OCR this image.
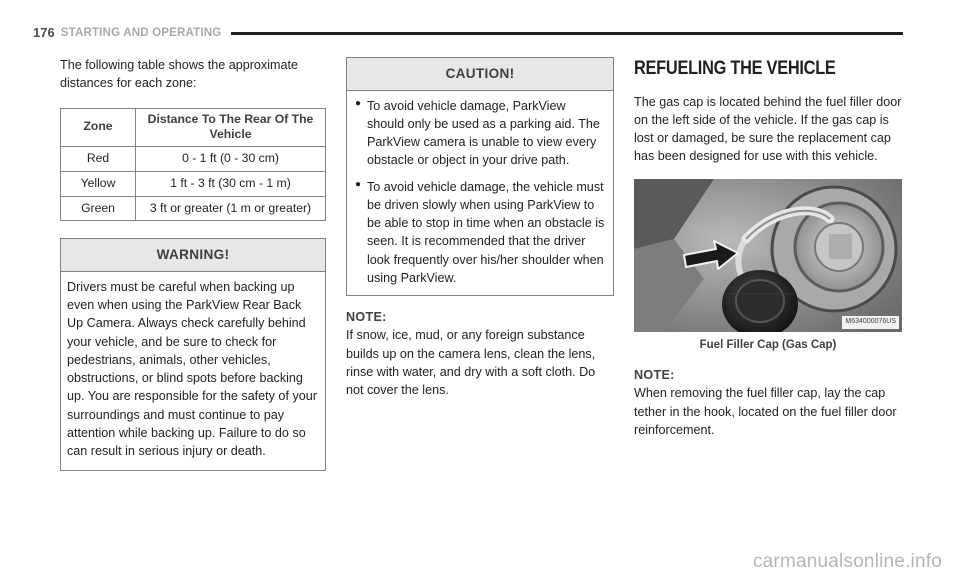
176 STARTING AND OPERATING

The following table shows the approximate distances for each zone:

Zone	Distance To The Rear Of The Vehicle
Red	0 - 1 ft (0 - 30 cm)
Yellow	1 ft - 3 ft (30 cm - 1 m)
Green	3 ft or greater (1 m or greater)
WARNING!
Drivers must be careful when backing up even when using the ParkView Rear Back Up Camera. Always check carefully behind your vehicle, and be sure to check for pedestrians, animals, other vehicles, obstructions, or blind spots before backing up. You are responsible for the safety of your surroundings and must continue to pay attention while backing up. Failure to do so can result in serious injury or death.
CAUTION!
● To avoid vehicle damage, ParkView should only be used as a parking aid. The ParkView camera is unable to view every obstacle or object in your drive path.
● To avoid vehicle damage, the vehicle must be driven slowly when using ParkView to be able to stop in time when an obstacle is seen. It is recommended that the driver look frequently over his/her shoulder when using ParkView.

NOTE:

If snow, ice, mud, or any foreign substance builds up on the camera lens, clean the lens, rinse with water, and dry with a soft cloth. Do not cover the lens.

REFUELING THE VEHICLE

The gas cap is located behind the fuel filler door on the left side of the vehicle. If the gas cap is lost or damaged, be sure the replacement cap has been designed for use with this vehicle.

M634000076US
Fuel Filler Cap (Gas Cap)

NOTE:

When removing the fuel filler cap, lay the cap tether in the hook, located on the fuel filler door reinforcement.

carmanualsonline.info
